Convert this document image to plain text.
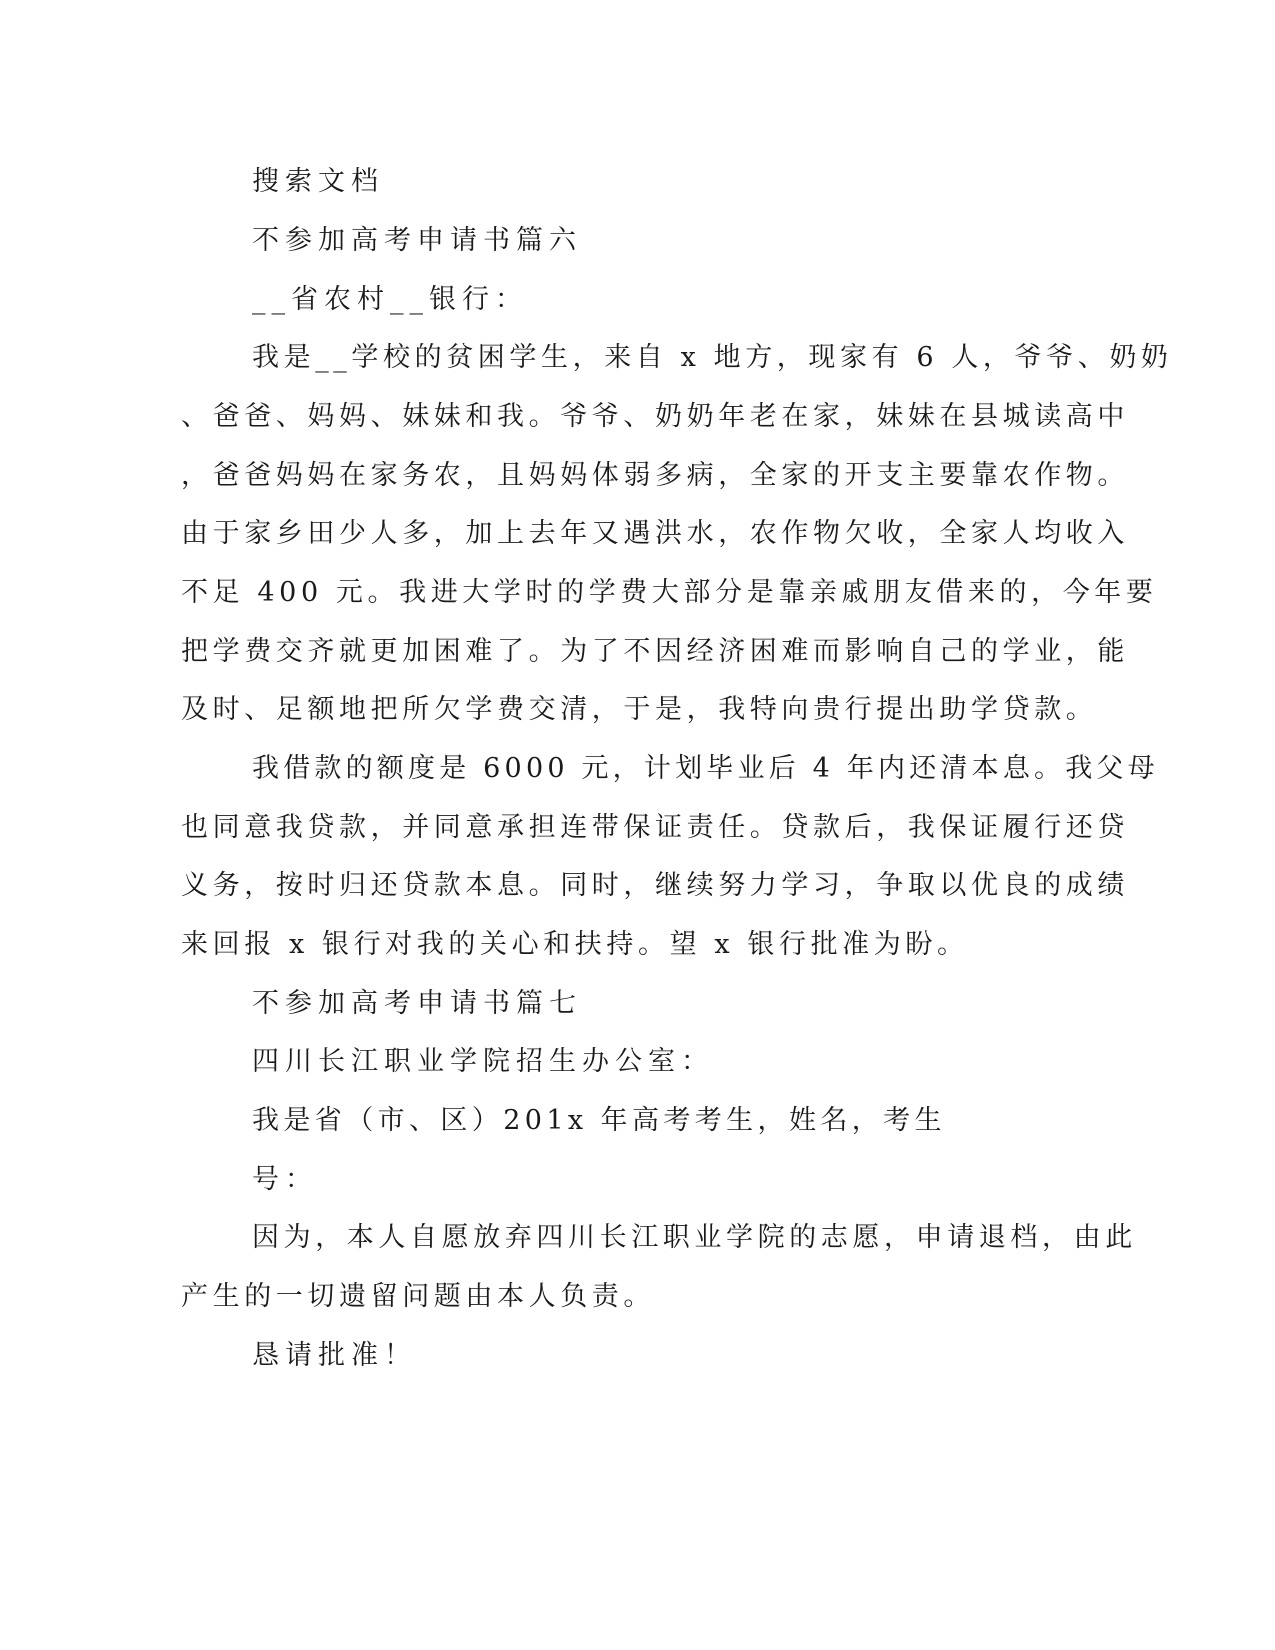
搜索文档
不参加高考申请书篇六
__省农村__银行：
我是__学校的贫困学生，来自 x 地方，现家有 6 人，爷爷、奶奶
、爸爸、妈妈、妹妹和我。爷爷、奶奶年老在家，妹妹在县城读高中
，爸爸妈妈在家务农，且妈妈体弱多病，全家的开支主要靠农作物。
由于家乡田少人多，加上去年又遇洪水，农作物欠收，全家人均收入
不足 400 元。我进大学时的学费大部分是靠亲戚朋友借来的，今年要
把学费交齐就更加困难了。为了不因经济困难而影响自己的学业，能
及时、足额地把所欠学费交清，于是，我特向贵行提出助学贷款。
我借款的额度是 6000 元，计划毕业后 4 年内还清本息。我父母
也同意我贷款，并同意承担连带保证责任。贷款后，我保证履行还贷
义务，按时归还贷款本息。同时，继续努力学习，争取以优良的成绩
来回报 x 银行对我的关心和扶持。望 x 银行批准为盼。
不参加高考申请书篇七
四川长江职业学院招生办公室：
我是省（市、区）201x 年高考考生，姓名，考生
号：
因为，本人自愿放弃四川长江职业学院的志愿，申请退档，由此
产生的一切遗留问题由本人负责。
恳请批准！
